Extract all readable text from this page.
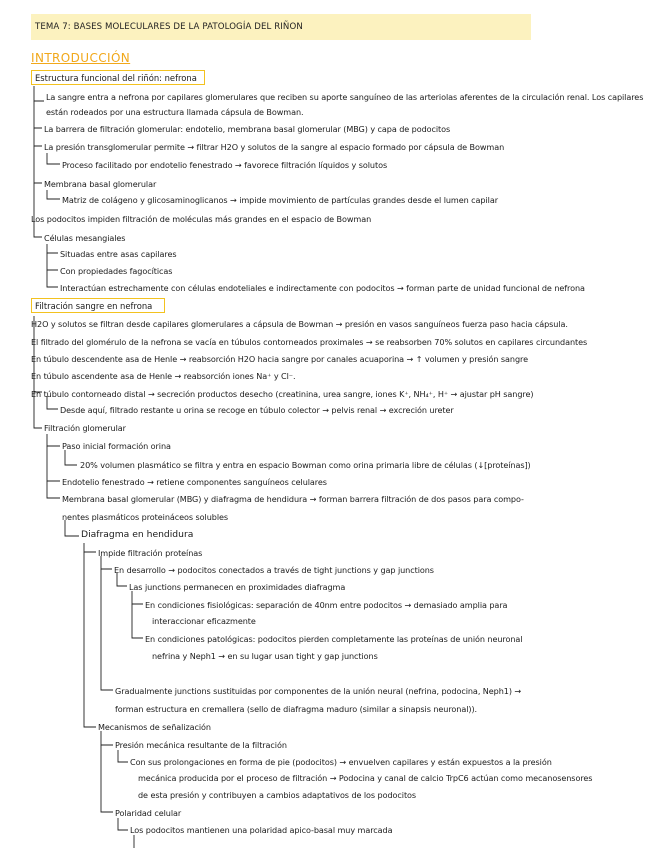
TEMA 7: BASES MOLECULARES DE LA PATOLOGÍA DEL RIÑON
INTRODUCCIÓN
Estructura funcional del riñón: nefrona
La sangre entra a nefrona por capilares glomerulares que reciben su aporte sanguíneo de las arteriolas aferentes de la circulación renal. Los capilares
están rodeados por una estructura llamada cápsula de Bowman.
La barrera de filtración glomerular: endotelio, membrana basal glomerular (MBG) y capa de podocitos
La presión transglomerular permite → filtrar H2O y solutos de la sangre al espacio formado por cápsula de Bowman
Proceso facilitado por endotelio fenestrado → favorece filtración líquidos y solutos
Membrana basal glomerular
Matriz de colágeno y glicosaminoglicanos → impide movimiento de partículas grandes desde el lumen capilar
Los podocitos impiden filtración de moléculas más grandes en el espacio de Bowman
Células mesangiales
Situadas entre asas capilares
Con propiedades fagocíticas
Interactúan estrechamente con células endoteliales e indirectamente con podocitos → forman parte de unidad funcional de nefrona
Filtración sangre en nefrona
H2O y solutos se filtran desde capilares glomerulares a cápsula de Bowman → presión en vasos sanguíneos fuerza paso hacia cápsula.
El filtrado del glomérulo de la nefrona se vacía en túbulos contorneados proximales → se reabsorben 70% solutos en capilares circundantes
En túbulo descendente asa de Henle → reabsorción H2O hacia sangre por canales acuaporina → ↑ volumen y presión sangre
En túbulo ascendente asa de Henle → reabsorción iones Na⁺ y Cl⁻.
En túbulo contorneado distal → secreción productos desecho (creatinina, urea sangre, iones K⁺, NH₄⁺, H⁺ → ajustar pH sangre)
Desde aquí, filtrado restante u orina se recoge en túbulo colector → pelvis renal → excreción ureter
Filtración glomerular
Paso inicial formación orina
20% volumen plasmático se filtra y entra en espacio Bowman como orina primaria libre de células (↓[proteínas])
Endotelio fenestrado → retiene componentes sanguíneos celulares
Membrana basal glomerular (MBG) y diafragma de hendidura → forman barrera filtración de dos pasos para compo-
nentes plasmáticos proteináceos solubles
Diafragma en hendidura
Impide filtración proteínas
En desarrollo → podocitos conectados a través de tight junctions y gap junctions
Las junctions permanecen en proximidades diafragma
En condiciones fisiológicas: separación de 40nm entre podocitos → demasiado amplia para
interaccionar eficazmente
En condiciones patológicas: podocitos pierden completamente las proteínas de unión neuronal
nefrina y Neph1 → en su lugar usan tight y gap junctions
Gradualmente junctions sustituidas por componentes de la unión neural (nefrina, podocina, Neph1) →
forman estructura en cremallera (sello de diafragma maduro (similar a sinapsis neuronal)).
Mecanismos de señalización
Presión mecánica resultante de la filtración
Con sus prolongaciones en forma de pie (podocitos) → envuelven capilares y están expuestos a la presión
mecánica producida por el proceso de filtración → Podocina y canal de calcio TrpC6 actúan como mecanosensores
de esta presión y contribuyen a cambios adaptativos de los podocitos
Polaridad celular
Los podocitos mantienen una polaridad apico-basal muy marcada
